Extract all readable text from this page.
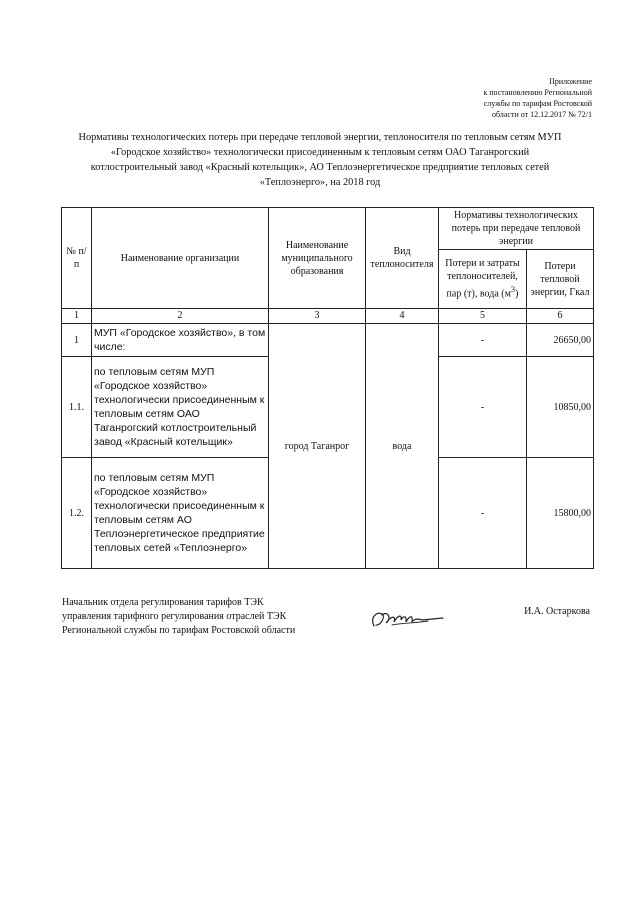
Приложение
к постановлению Региональной
службы по тарифам Ростовской
области от 12.12.2017 № 72/1
Нормативы технологических потерь при передаче тепловой энергии, теплоносителя по тепловым сетям МУП
«Городское хозяйство» технологически присоединенным к тепловым сетям ОАО Таганрогский
котлостроительный завод «Красный котельщик», АО Теплоэнергетическое предприятие тепловых сетей
«Теплоэнерго», на 2018 год
№ п/п	Наименование организации	Наименование муниципального образования	Вид теплоносителя	Нормативы технологических потерь при передаче тепловой энергии	
				Потери и затраты теплоносителей, пар (т), вода $(м^3)$	Потери тепловой энергии, Гкал
1	2	3	4	5	6
1	МУП «Городское хозяйство», в том числе:	город Таганрог	вода	-	26650,00
1.1.	по тепловым сетям МУП «Городское хозяйство» технологически присоединенным к тепловым сетям ОАО Таганрогский котлостроительный завод «Красный котельщик»			-	10850,00
1.2.	по тепловым сетям МУП «Городское хозяйство» технологически присоединенным к тепловым сетям АО Теплоэнергетическое предприятие тепловых сетей «Теплоэнерго»			-	15800,00
Начальник отдела регулирования тарифов ТЭК
управления тарифного регулирования отраслей ТЭК
Региональной службы по тарифам Ростовской области
И.А. Остаркова
